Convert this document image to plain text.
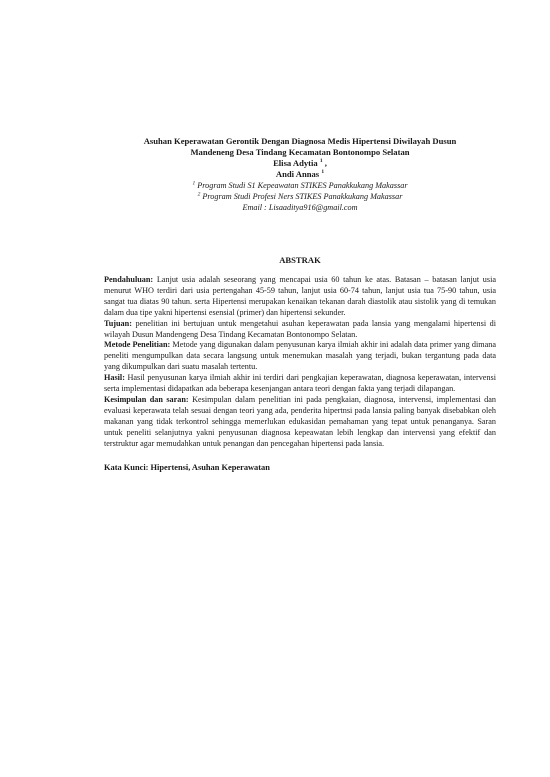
Asuhan Keperawatan Gerontik Dengan Diagnosa Medis Hipertensi Diwilayah Dusun
Mandeneng Desa Tindang Kecamatan Bontonompo Selatan
Elisa Adytia $^1$ ,
Andi Annas $^1$
$^1$ Program Studi S1 Kepeawatan STIKES Panakkukang Makassar
$^2$ Program Studi Profesi Ners STIKES Panakkukang Makassar
Email : Lisaaditya916@gmail.com
ABSTRAK

Pendahuluan: Lanjut usia adalah seseorang yang mencapai usia 60 tahun ke atas. Batasan – batasan lanjut usia menurut WHO terdiri dari usia pertengahan 45-59 tahun, lanjut usia 60-74 tahun, lanjut usia tua 75-90 tahun, usia sangat tua diatas 90 tahun. serta Hipertensi merupakan kenaikan tekanan darah diastolik atau sistolik yang di temukan dalam dua tipe yakni hipertensi esensial (primer) dan hipertensi sekunder.

Tujuan: penelitian ini bertujuan untuk mengetahui asuhan keperawatan pada lansia yang mengalami hipertensi di wilayah Dusun Mandengeng Desa Tindang Kecamatan Bontonompo Selatan.

Metode Penelitian: Metode yang digunakan dalam penyusunan karya ilmiah akhir ini adalah data primer yang dimana peneliti mengumpulkan data secara langsung untuk menemukan masalah yang terjadi, bukan tergantung pada data yang dikumpulkan dari suatu masalah tertentu.

Hasil: Hasil penyusunan karya ilmiah akhir ini terdiri dari pengkajian keperawatan, diagnosa keperawatan, intervensi serta implementasi didapatkan ada beberapa kesenjangan antara teori dengan fakta yang terjadi dilapangan.

Kesimpulan dan saran: Kesimpulan dalam penelitian ini pada pengkaian, diagnosa, intervensi, implementasi dan evaluasi keperawata telah sesuai dengan teori yang ada, penderita hipertnsi pada lansia paling banyak disebabkan oleh makanan yang tidak terkontrol sehingga memerlukan edukasidan pemahaman yang tepat untuk penanganya. Saran untuk peneliti selanjutnya yakni penyusunan diagnosa kepeawatan lebih lengkap dan intervensi yang efektif dan terstruktur agar memudahkan untuk penangan dan pencegahan hipertensi pada lansia.

Kata Kunci: Hipertensi, Asuhan Keperawatan
